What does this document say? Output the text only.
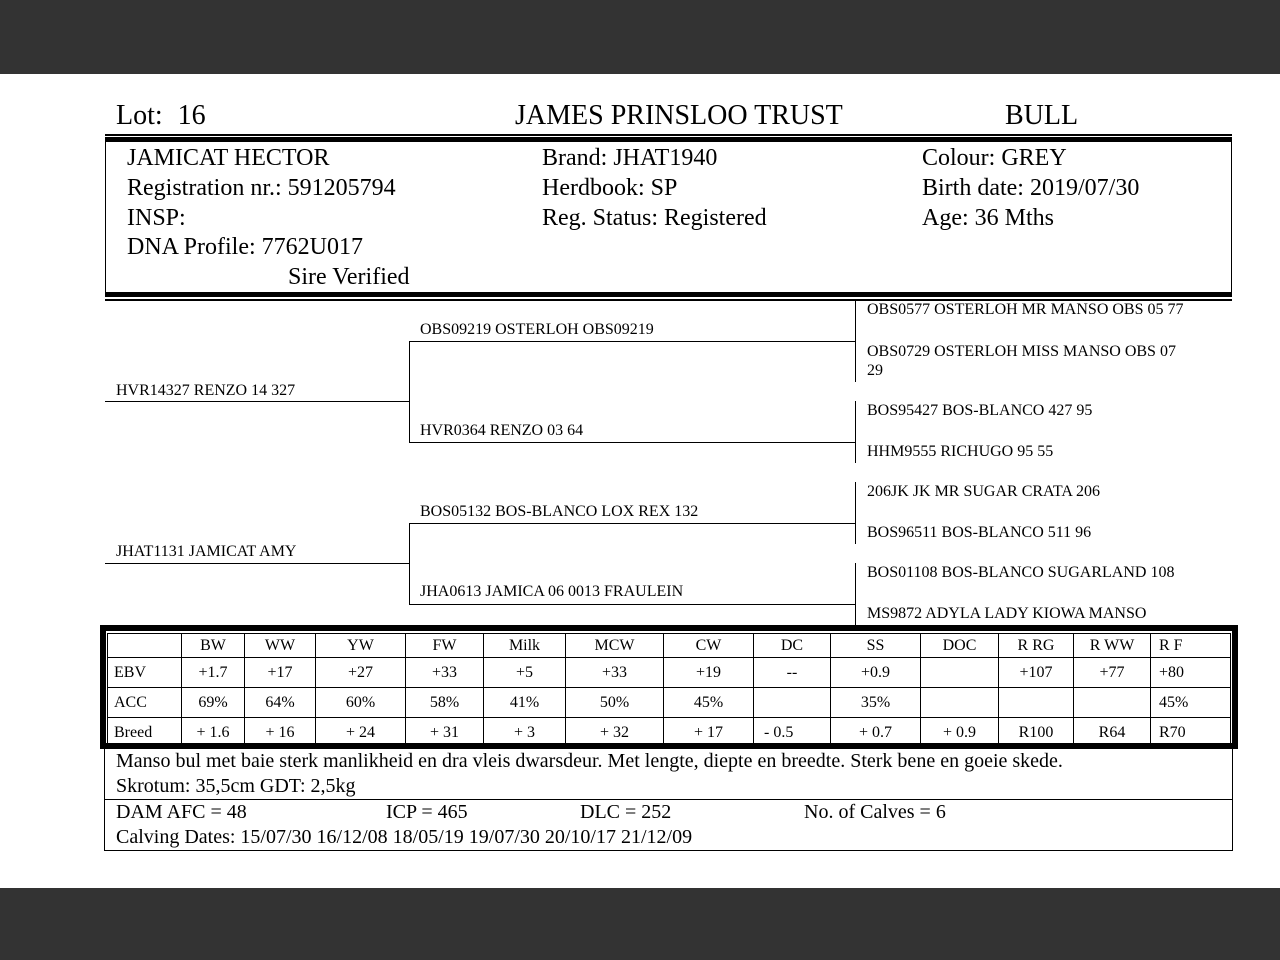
Lot: 16	JAMES PRINSLOO TRUST	BULL
JAMICAT HECTOR
Registration nr.: 591205794
INSP:
DNA Profile: 7762U017
Sire Verified
Brand: JHAT1940
Herdbook: SP
Reg. Status: Registered
Colour: GREY
Birth date: 2019/07/30
Age: 36 Mths
HVR14327 RENZO 14 327
JHAT1131 JAMICAT AMY
OBS09219 OSTERLOH OBS09219
HVR0364 RENZO 03 64
BOS05132 BOS-BLANCO LOX REX 132
JHA0613 JAMICA 06 0013 FRAULEIN
OBS0577 OSTERLOH MR MANSO OBS 05 77
OBS0729 OSTERLOH MISS MANSO OBS 07
29
BOS95427 BOS-BLANCO 427 95
HHM9555 RICHUGO 95 55
206JK JK MR SUGAR CRATA 206
BOS96511 BOS-BLANCO 511 96
BOS01108 BOS-BLANCO SUGARLAND 108
MS9872 ADYLA LADY KIOWA MANSO
	BW	WW	YW	FW	Milk	MCW	CW	DC	SS	DOC	R RG	R WW	R F
EBV	+1.7	+17	+27	+33	+5	+33	+19	--	+0.9		+107	+77	+80
ACC	69%	64%	60%	58%	41%	50%	45%		35%				45%
Breed	+ 1.6	+ 16	+ 24	+ 31	+ 3	+ 32	+ 17	- 0.5	+ 0.7	+ 0.9	R100	R64	R70
Manso bul met baie sterk manlikheid en dra vleis dwarsdeur. Met lengte, diepte en breedte. Sterk bene en goeie skede.
Skrotum: 35,5cm GDT: 2,5kg
DAM AFC = 48	ICP = 465	DLC = 252	No. of Calves = 6
Calving Dates: 15/07/30 16/12/08 18/05/19 19/07/30 20/10/17 21/12/09
